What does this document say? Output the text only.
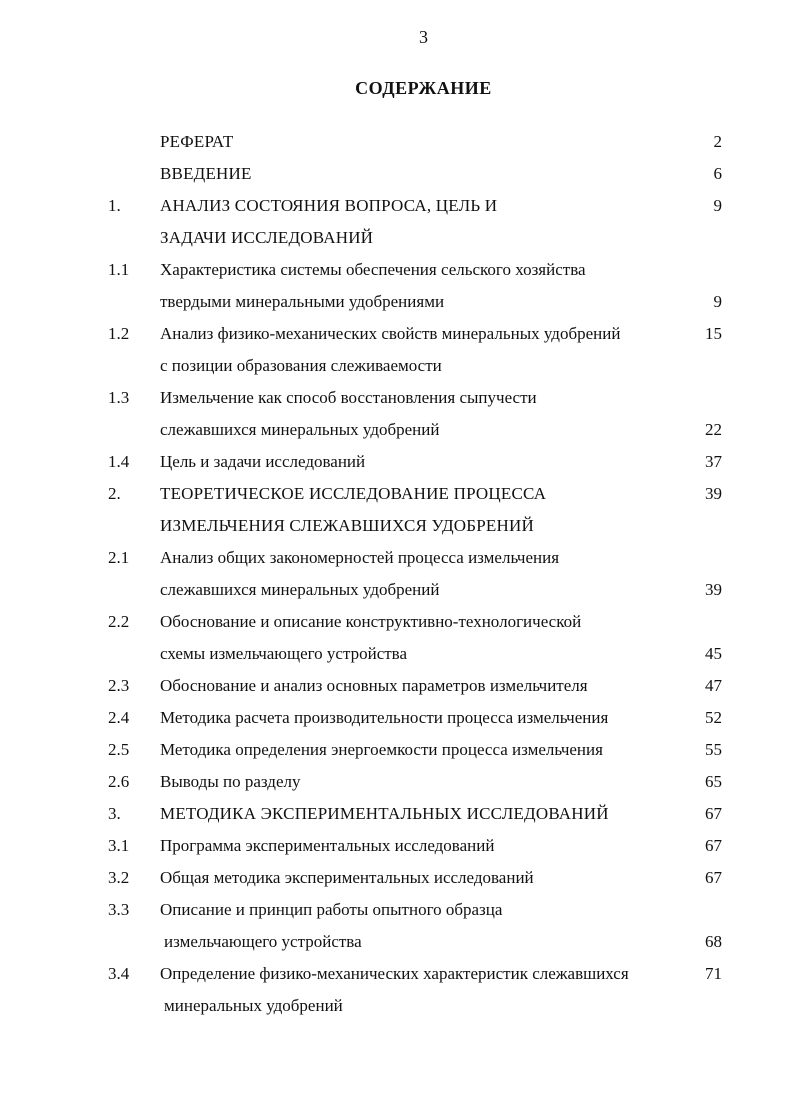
3
СОДЕРЖАНИЕ
РЕФЕРАТ	2
ВВЕДЕНИЕ	6
1.	АНАЛИЗ СОСТОЯНИЯ ВОПРОСА, ЦЕЛЬ И	9
ЗАДАЧИ ИССЛЕДОВАНИЙ
1.1	Характеристика системы обеспечения сельского хозяйства
твердыми минеральными удобрениями	9
1.2	Анализ физико-механических свойств минеральных удобрений	15
с позиции образования слеживаемости
1.3	Измельчение как способ восстановления сыпучести
слежавшихся минеральных удобрений	22
1.4	Цель и задачи исследований	37
2.	ТЕОРЕТИЧЕСКОЕ ИССЛЕДОВАНИЕ ПРОЦЕССА	39
ИЗМЕЛЬЧЕНИЯ СЛЕЖАВШИХСЯ УДОБРЕНИЙ
2.1	Анализ общих закономерностей процесса измельчения
слежавшихся минеральных удобрений	39
2.2	Обоснование и описание конструктивно-технологической
схемы измельчающего устройства	45
2.3	Обоснование и анализ основных параметров измельчителя	47
2.4	Методика расчета производительности процесса измельчения	52
2.5	Методика определения энергоемкости процесса измельчения	55
2.6	Выводы по разделу	65
3.	МЕТОДИКА ЭКСПЕРИМЕНТАЛЬНЫХ ИССЛЕДОВАНИЙ	67
3.1	Программа экспериментальных исследований	67
3.2	Общая методика экспериментальных исследований	67
3.3	Описание и принцип работы опытного образца
измельчающего устройства	68
3.4	Определение физико-механических характеристик слежавшихся	71
минеральных удобрений
